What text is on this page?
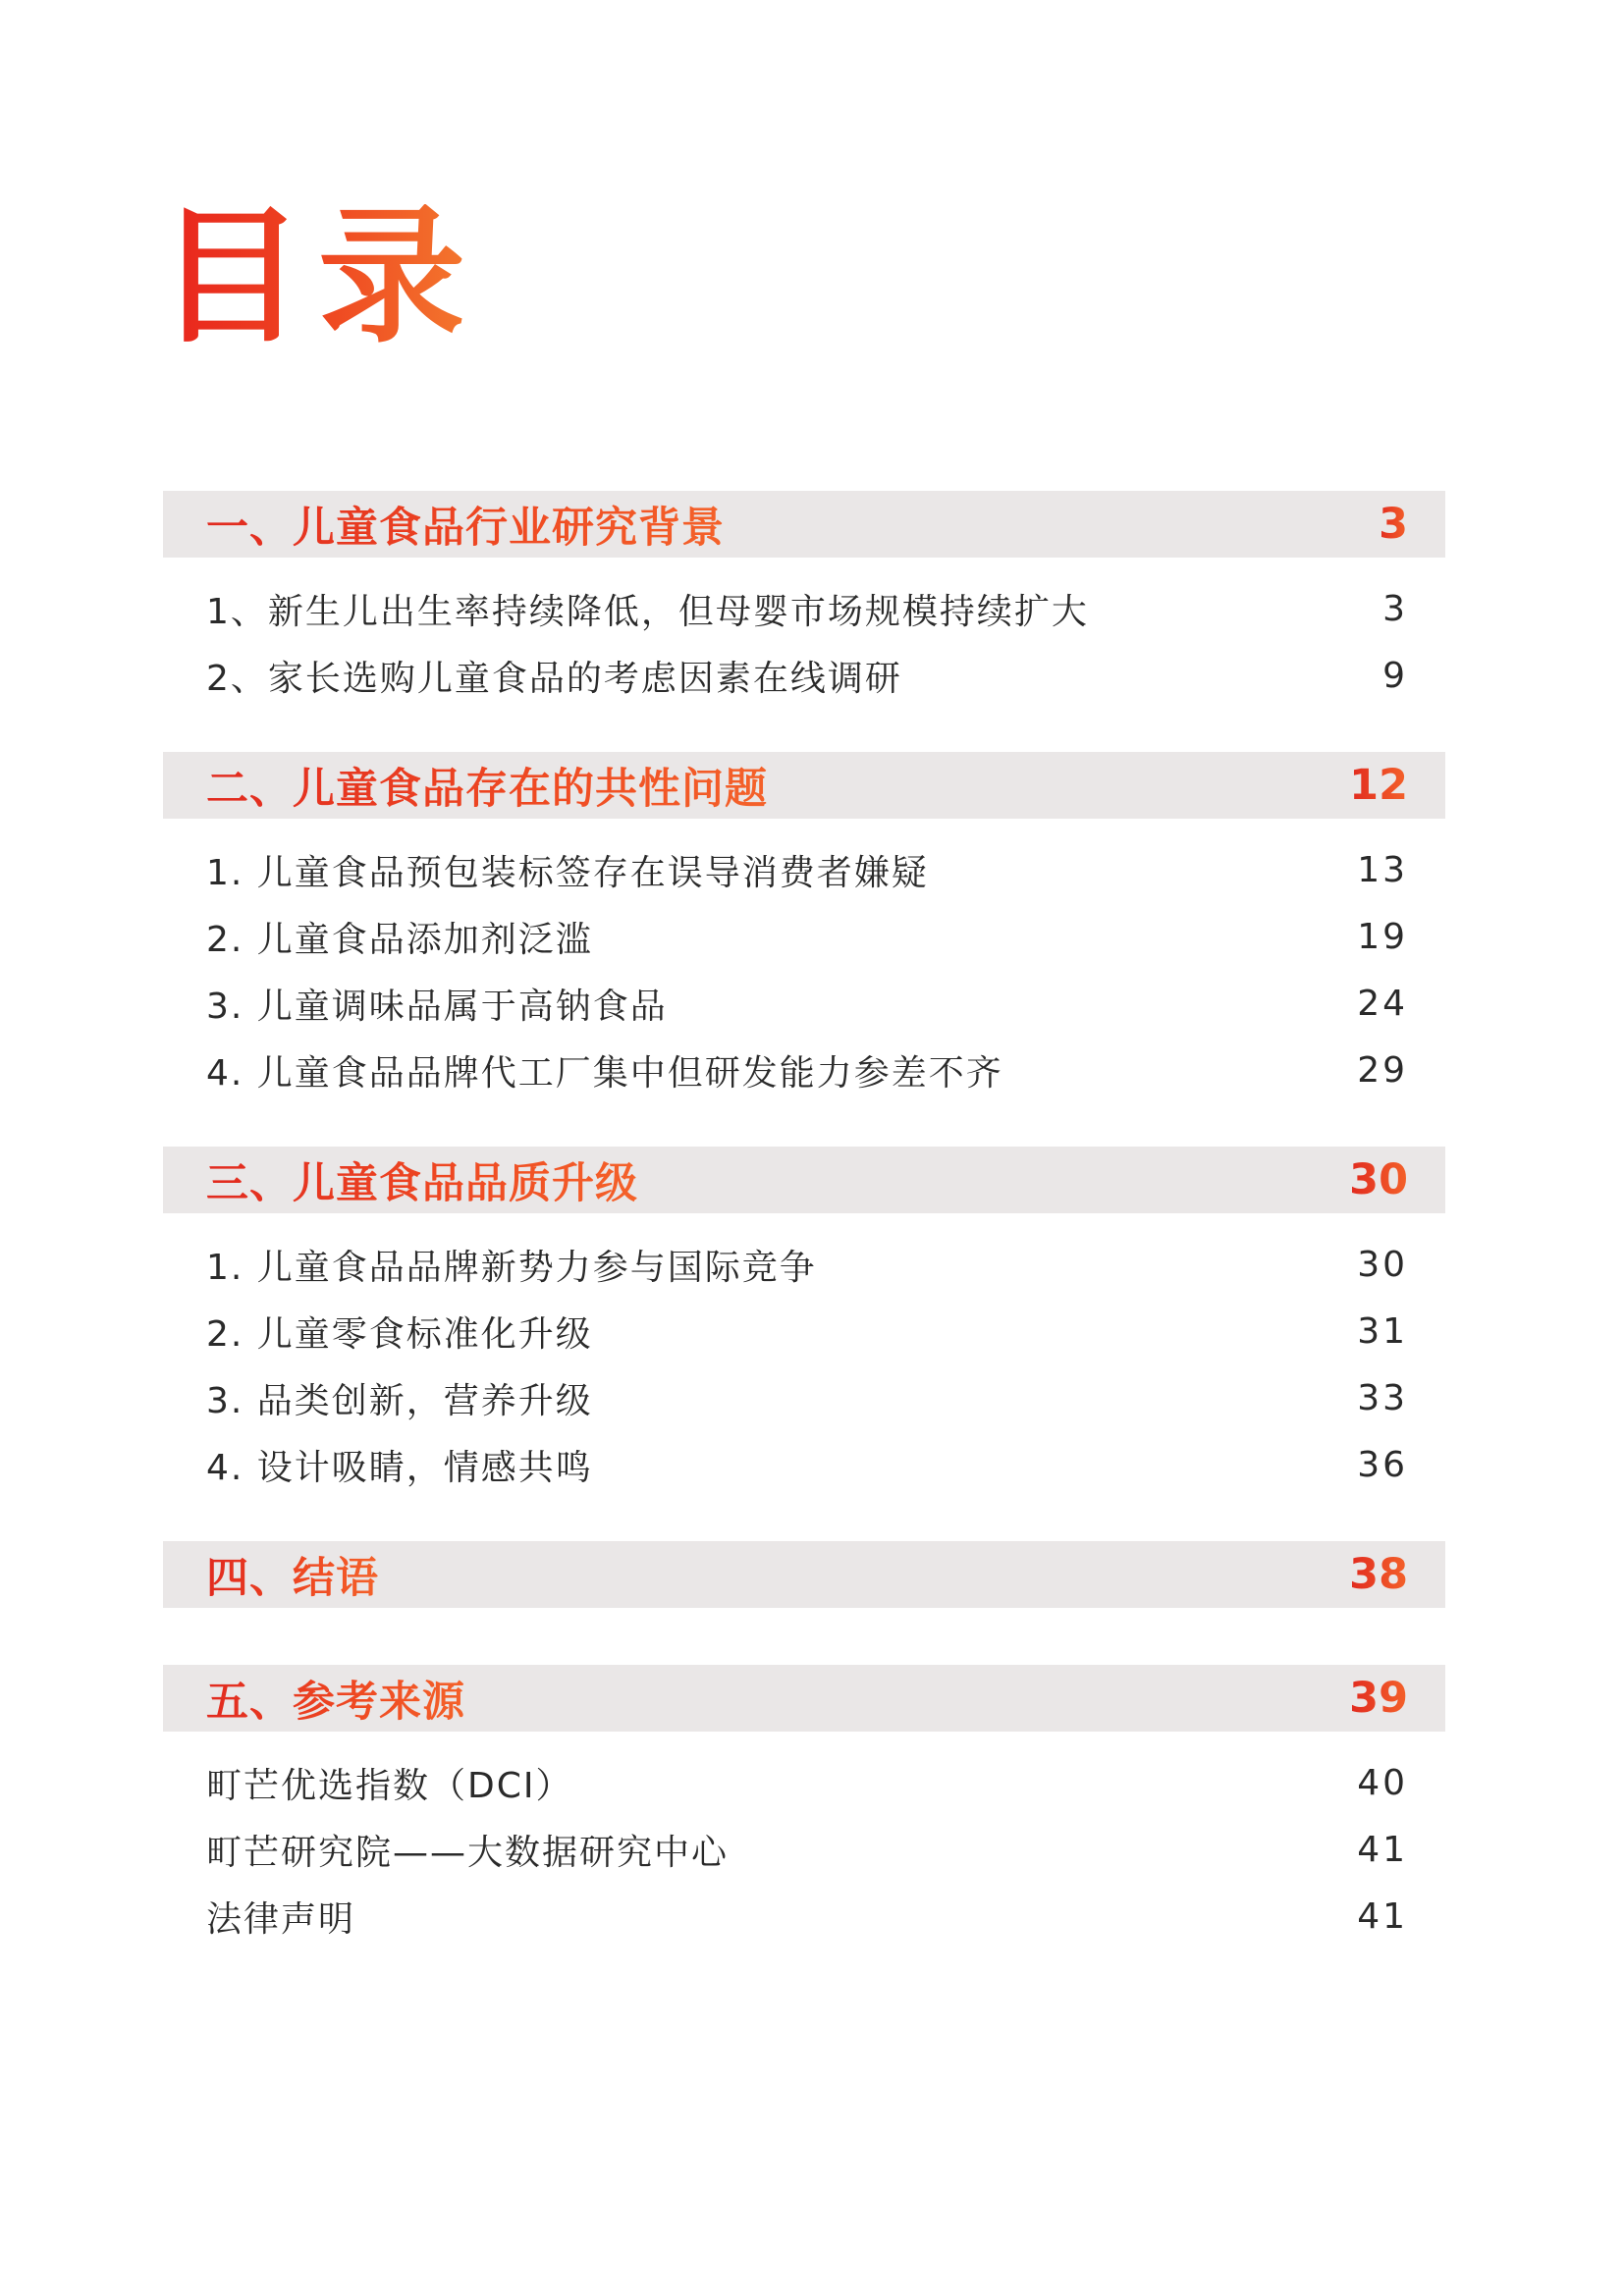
目录
一、儿童食品行业研究背景	3
1、新生儿出生率持续降低，但母婴市场规模持续扩大	3
2、家长选购儿童食品的考虑因素在线调研	9
二、儿童食品存在的共性问题	12
1. 儿童食品预包装标签存在误导消费者嫌疑	13
2. 儿童食品添加剂泛滥	19
3. 儿童调味品属于高钠食品	24
4. 儿童食品品牌代工厂集中但研发能力参差不齐	29
三、儿童食品品质升级	30
1. 儿童食品品牌新势力参与国际竞争	30
2. 儿童零食标准化升级	31
3. 品类创新，营养升级	33
4. 设计吸睛，情感共鸣	36
四、结语	38
五、参考来源	39
町芒优选指数（DCI）	40
町芒研究院——大数据研究中心	41
法律声明	41
